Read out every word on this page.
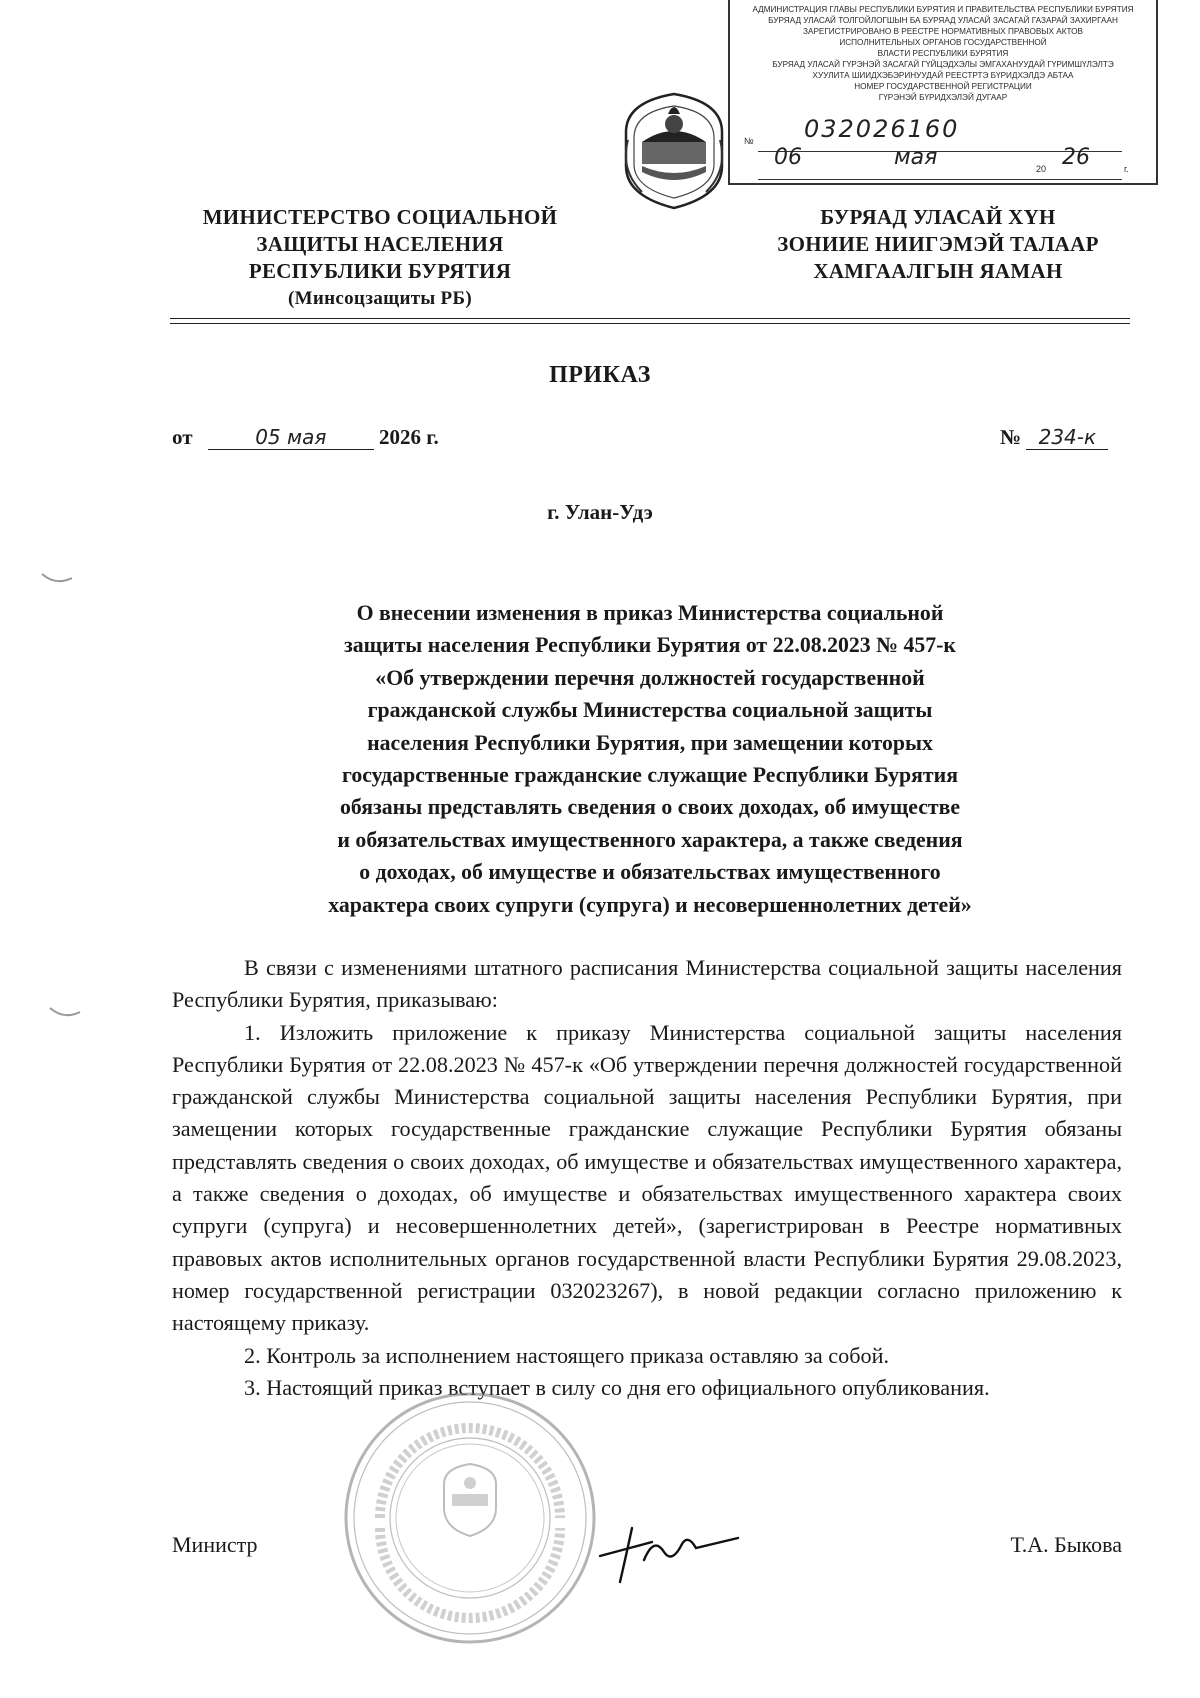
АДМИНИСТРАЦИЯ ГЛАВЫ РЕСПУБЛИКИ БУРЯТИЯ И ПРАВИТЕЛЬСТВА РЕСПУБЛИКИ БУРЯТИЯ
БУРЯАД УЛАСАЙ ТОЛГОЙЛОГШЫН БА БУРЯАД УЛАСАЙ ЗАСАГАЙ ГАЗАРАЙ ЗАХИРГААН
ЗАРЕГИСТРИРОВАНО В РЕЕСТРЕ НОРМАТИВНЫХ ПРАВОВЫХ АКТОВ
ИСПОЛНИТЕЛЬНЫХ ОРГАНОВ ГОСУДАРСТВЕННОЙ
ВЛАСТИ РЕСПУБЛИКИ БУРЯТИЯ
БУРЯАД УЛАСАЙ ГҮРЭНЭЙ ЗАСАГАЙ ГҮЙЦЭДХЭЛЫ ЭМГАХАНУУДАЙ ГҮРИМШҮЛЭЛТЭ
ХУУЛИТА ШИИДХЭБЭРИНУУДАЙ РЕЕСТРТЭ БҮРИДХЭЛДЭ АБТАА
НОМЕР ГОСУДАРСТВЕННОЙ РЕГИСТРАЦИИ
ГҮРЭНЭЙ БҮРИДХЭЛЭЙ ДУГААР
№ 032026160
06	мая	20 26	г.
МИНИСТЕРСТВО СОЦИАЛЬНОЙ
ЗАЩИТЫ НАСЕЛЕНИЯ
РЕСПУБЛИКИ БУРЯТИЯ
(Минсоцзащиты РБ)
БУРЯАД УЛАСАЙ ХҮН
ЗОНИИЕ НИИГЭМЭЙ ТАЛААР
ХАМГААЛГЫН ЯАМАН
ПРИКАЗ
от	05 мая	2026 г.	№ 234-к
г. Улан-Удэ
О внесении изменения в приказ Министерства социальной
защиты населения Республики Бурятия от 22.08.2023 № 457-к
«Об утверждении перечня должностей государственной
гражданской службы Министерства социальной защиты
населения Республики Бурятия, при замещении которых
государственные гражданские служащие Республики Бурятия
обязаны представлять сведения о своих доходах, об имуществе
и обязательствах имущественного характера, а также сведения
о доходах, об имуществе и обязательствах имущественного
характера своих супруги (супруга) и несовершеннолетних детей»

В связи с изменениями штатного расписания Министерства социальной защиты населения Республики Бурятия, приказываю:

1. Изложить приложение к приказу Министерства социальной защиты населения Республики Бурятия от 22.08.2023 № 457-к «Об утверждении перечня должностей государственной гражданской службы Министерства социальной защиты населения Республики Бурятия, при замещении которых государственные гражданские служащие Республики Бурятия обязаны представлять сведения о своих доходах, об имуществе и обязательствах имущественного характера, а также сведения о доходах, об имуществе и обязательствах имущественного характера своих супруги (супруга) и несовершеннолетних детей», (зарегистрирован в Реестре нормативных правовых актов исполнительных органов государственной власти Республики Бурятия 29.08.2023, номер государственной регистрации 032023267), в новой редакции согласно приложению к настоящему приказу.

2. Контроль за исполнением настоящего приказа оставляю за собой.

3. Настоящий приказ вступает в силу со дня его официального опубликования.

Министр	Т.А. Быкова
